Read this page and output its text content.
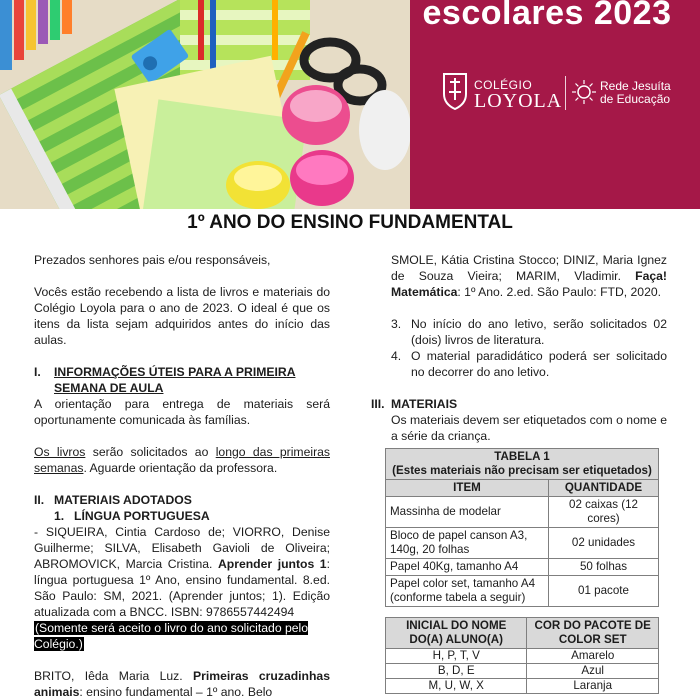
escolares 2023
COLÉGIO
LOYOLA
Rede Jesuíta
de Educação
1º ANO DO ENSINO FUNDAMENTAL
Prezados senhores pais e/ou responsáveis,
Vocês estão recebendo a lista de livros e materiais do Colégio Loyola para o ano de 2023. O ideal é que os itens da lista sejam adquiridos antes do início das aulas.
I.	INFORMAÇÕES ÚTEIS PARA A PRIMEIRA SEMANA DE AULA
A orientação para entrega de materiais será oportunamente comunicada às famílias.
Os livros serão solicitados ao longo das primeiras semanas. Aguarde orientação da professora.
II. MATERIAIS ADOTADOS
1. LÍNGUA PORTUGUESA
- SIQUEIRA, Cintia Cardoso de; VIORRO, Denise Guilherme; SILVA, Elisabeth Gavioli de Oliveira; ABROMOVICK, Marcia Cristina. Aprender juntos 1: língua portuguesa 1º Ano, ensino fundamental. 8.ed. São Paulo: SM, 2021. (Aprender juntos; 1). Edição atualizada com a BNCC. ISBN: 9786557442494
(Somente será aceito o livro do ano solicitado pelo Colégio.)
BRITO, Iêda Maria Luz. Primeiras cruzadinhas animais: ensino fundamental – 1º ano. Belo
SMOLE, Kátia Cristina Stocco; DINIZ, Maria Ignez de Souza Vieira; MARIM, Vladimir. Faça! Matemática: 1º Ano. 2.ed. São Paulo: FTD, 2020.
3. No início do ano letivo, serão solicitados 02 (dois) livros de literatura.
4. O material paradidático poderá ser solicitado no decorrer do ano letivo.
III. MATERIAIS
Os materiais devem ser etiquetados com o nome e a série da criança.
TABELA 1
(Estes materiais não precisam ser etiquetados)	
ITEM	QUANTIDADE
Massinha de modelar	02 caixas (12 cores)
Bloco de papel canson A3, 140g, 20 folhas	02 unidades
Papel 40Kg, tamanho A4	50 folhas
Papel color set, tamanho A4 (conforme tabela a seguir)	01 pacote
INICIAL DO NOME DO(A) ALUNO(A)	COR DO PACOTE DE COLOR SET
H, P, T, V	Amarelo
B, D, E	Azul
M, U, W, X	Laranja
